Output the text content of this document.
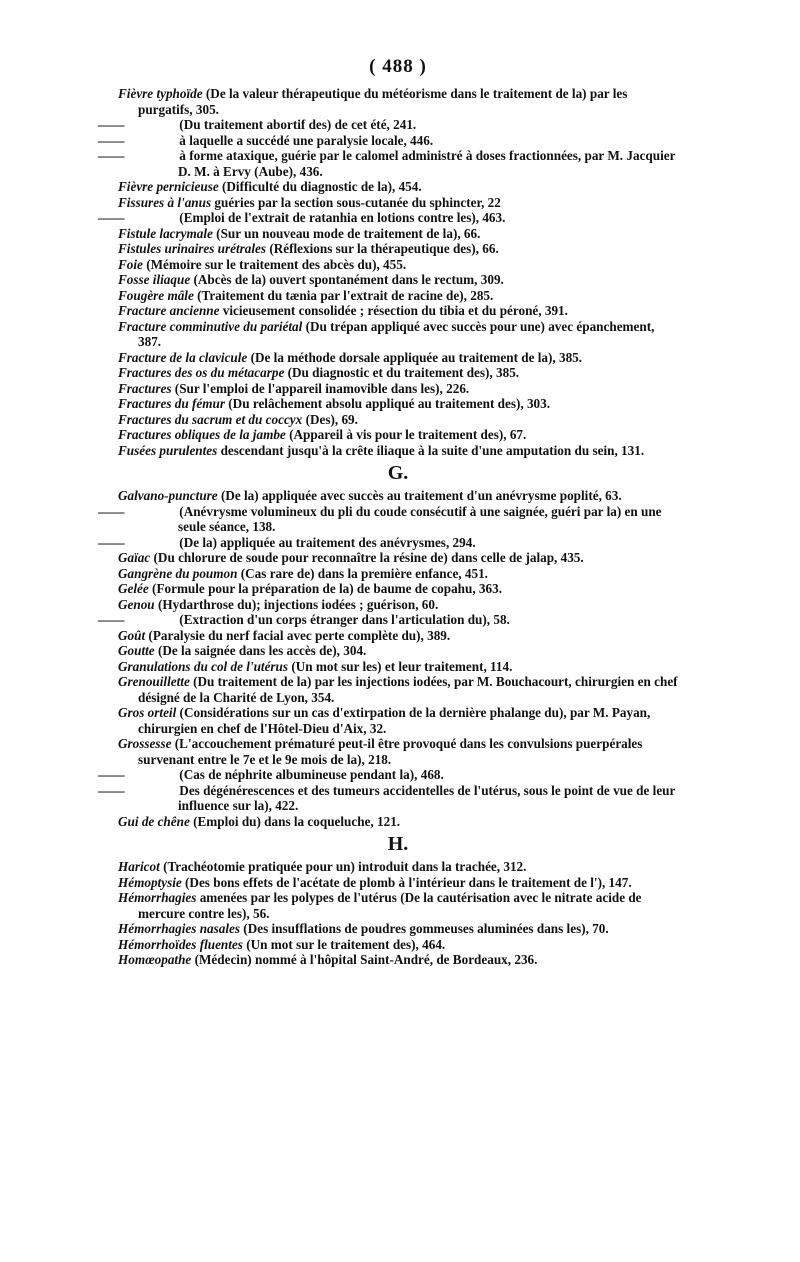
( 488 )

Fièvre typhoïde (De la valeur thérapeutique du météorisme dans le traitement de la) par les purgatifs, 305.

——	(Du traitement abortif des) de cet été, 241.

——	à laquelle a succédé une paralysie locale, 446.

——	à forme ataxique, guérie par le calomel administré à doses fractionnées, par M. Jacquier D. M. à Ervy (Aube), 436.

Fièvre pernicieuse (Difficulté du diagnostic de la), 454.

Fissures à l'anus guéries par la section sous-cutanée du sphincter, 22

——	(Emploi de l'extrait de ratanhia en lotions contre les), 463.

Fistule lacrymale (Sur un nouveau mode de traitement de la), 66.

Fistules urinaires urétrales (Réflexions sur la thérapeutique des), 66.

Foie (Mémoire sur le traitement des abcès du), 455.

Fosse iliaque (Abcès de la) ouvert spontanément dans le rectum, 309.

Fougère mâle (Traitement du tænia par l'extrait de racine de), 285.

Fracture ancienne vicieusement consolidée ; résection du tibia et du péroné, 391.

Fracture comminutive du pariétal (Du trépan appliqué avec succès pour une) avec épanchement, 387.

Fracture de la clavicule (De la méthode dorsale appliquée au traitement de la), 385.

Fractures des os du métacarpe (Du diagnostic et du traitement des), 385.

Fractures (Sur l'emploi de l'appareil inamovible dans les), 226.

Fractures du fémur (Du relâchement absolu appliqué au traitement des), 303.

Fractures du sacrum et du coccyx (Des), 69.

Fractures obliques de la jambe (Appareil à vis pour le traitement des), 67.

Fusées purulentes descendant jusqu'à la crête iliaque à la suite d'une amputation du sein, 131.

G.

Galvano-puncture (De la) appliquée avec succès au traitement d'un anévrysme poplité, 63.

——	(Anévrysme volumineux du pli du coude consécutif à une saignée, guéri par la) en une seule séance, 138.

——	(De la) appliquée au traitement des anévrysmes, 294.

Gaïac (Du chlorure de soude pour reconnaître la résine de) dans celle de jalap, 435.

Gangrène du poumon (Cas rare de) dans la première enfance, 451.

Gelée (Formule pour la préparation de la) de baume de copahu, 363.

Genou (Hydarthrose du); injections iodées ; guérison, 60.

——	(Extraction d'un corps étranger dans l'articulation du), 58.

Goût (Paralysie du nerf facial avec perte complète du), 389.

Goutte (De la saignée dans les accès de), 304.

Granulations du col de l'utérus (Un mot sur les) et leur traitement, 114.

Grenouillette (Du traitement de la) par les injections iodées, par M. Bouchacourt, chirurgien en chef désigné de la Charité de Lyon, 354.

Gros orteil (Considérations sur un cas d'extirpation de la dernière phalange du), par M. Payan, chirurgien en chef de l'Hôtel-Dieu d'Aix, 32.

Grossesse (L'accouchement prématuré peut-il être provoqué dans les convulsions puerpérales survenant entre le 7e et le 9e mois de la), 218.

——	(Cas de néphrite albumineuse pendant la), 468.

——	Des dégénérescences et des tumeurs accidentelles de l'utérus, sous le point de vue de leur influence sur la), 422.

Gui de chêne (Emploi du) dans la coqueluche, 121.

H.

Haricot (Trachéotomie pratiquée pour un) introduit dans la trachée, 312.

Hémoptysie (Des bons effets de l'acétate de plomb à l'intérieur dans le traitement de l'), 147.

Hémorrhagies amenées par les polypes de l'utérus (De la cautérisation avec le nitrate acide de mercure contre les), 56.

Hémorrhagies nasales (Des insufflations de poudres gommeuses aluminées dans les), 70.

Hémorrhoïdes fluentes (Un mot sur le traitement des), 464.

Homœopathe (Médecin) nommé à l'hôpital Saint-André, de Bordeaux, 236.
